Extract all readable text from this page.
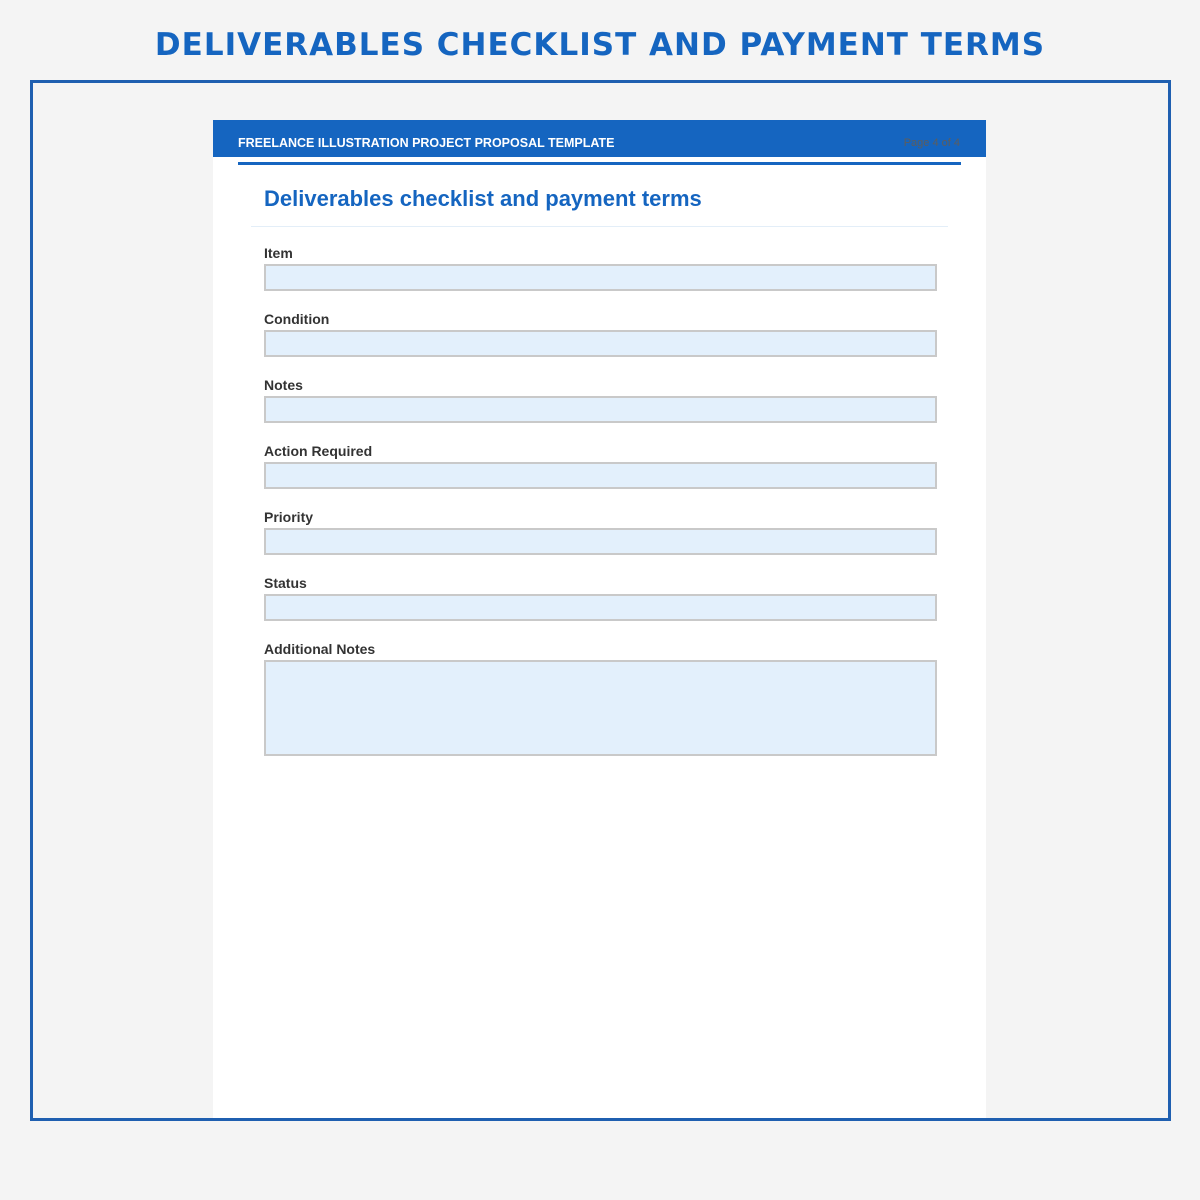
DELIVERABLES CHECKLIST AND PAYMENT TERMS
FREELANCE ILLUSTRATION PROJECT PROPOSAL TEMPLATE	Page 4 of 4
Deliverables checklist and payment terms
Item
Condition
Notes
Action Required
Priority
Status
Additional Notes
